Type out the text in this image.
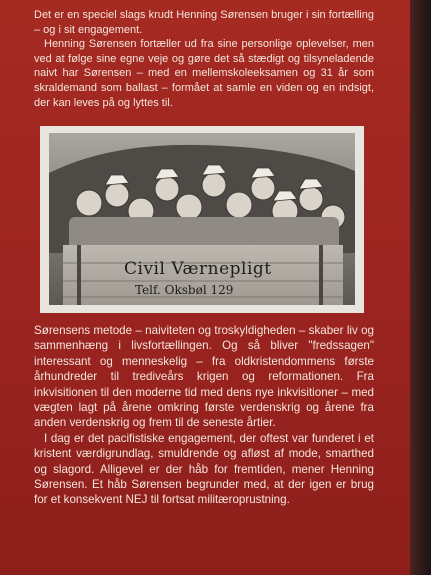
Det er en speciel slags krudt Henning Sørensen bruger i sin fortælling – og i sit engagement.

Henning Sørensen fortæller ud fra sine personlige oplevelser, men ved at følge sine egne veje og gøre det så stædigt og tilsyneladende naivt har Sørensen – med en mellemskoleeksamen og 31 år som skraldemand som ballast – formået at samle en viden og en indsigt, der kan leves på og lyttes til.

Civil Værnepligt
Telf. Oksbøl 129

Sørensens metode – naiviteten og troskyldigheden – skaber liv og sammenhæng i livsfortællingen. Og så bliver "fredssagen" interessant og menneskelig – fra oldkristendommens første århundreder til trediveårs krigen og reformationen. Fra inkvisitionen til den moderne tid med dens nye inkvisitioner – med vægten lagt på årene omkring første verdenskrig og årene fra anden verdenskrig og frem til de seneste årtier.

I dag er det pacifistiske engagement, der oftest var funderet i et kristent værdigrundlag, smuldrende og afløst af mode, smarthed og slagord. Alligevel er der håb for fremtiden, mener Henning Sørensen. Et håb Sørensen begrunder med, at der igen er brug for et konsekvent NEJ til fortsat militæroprustning.
